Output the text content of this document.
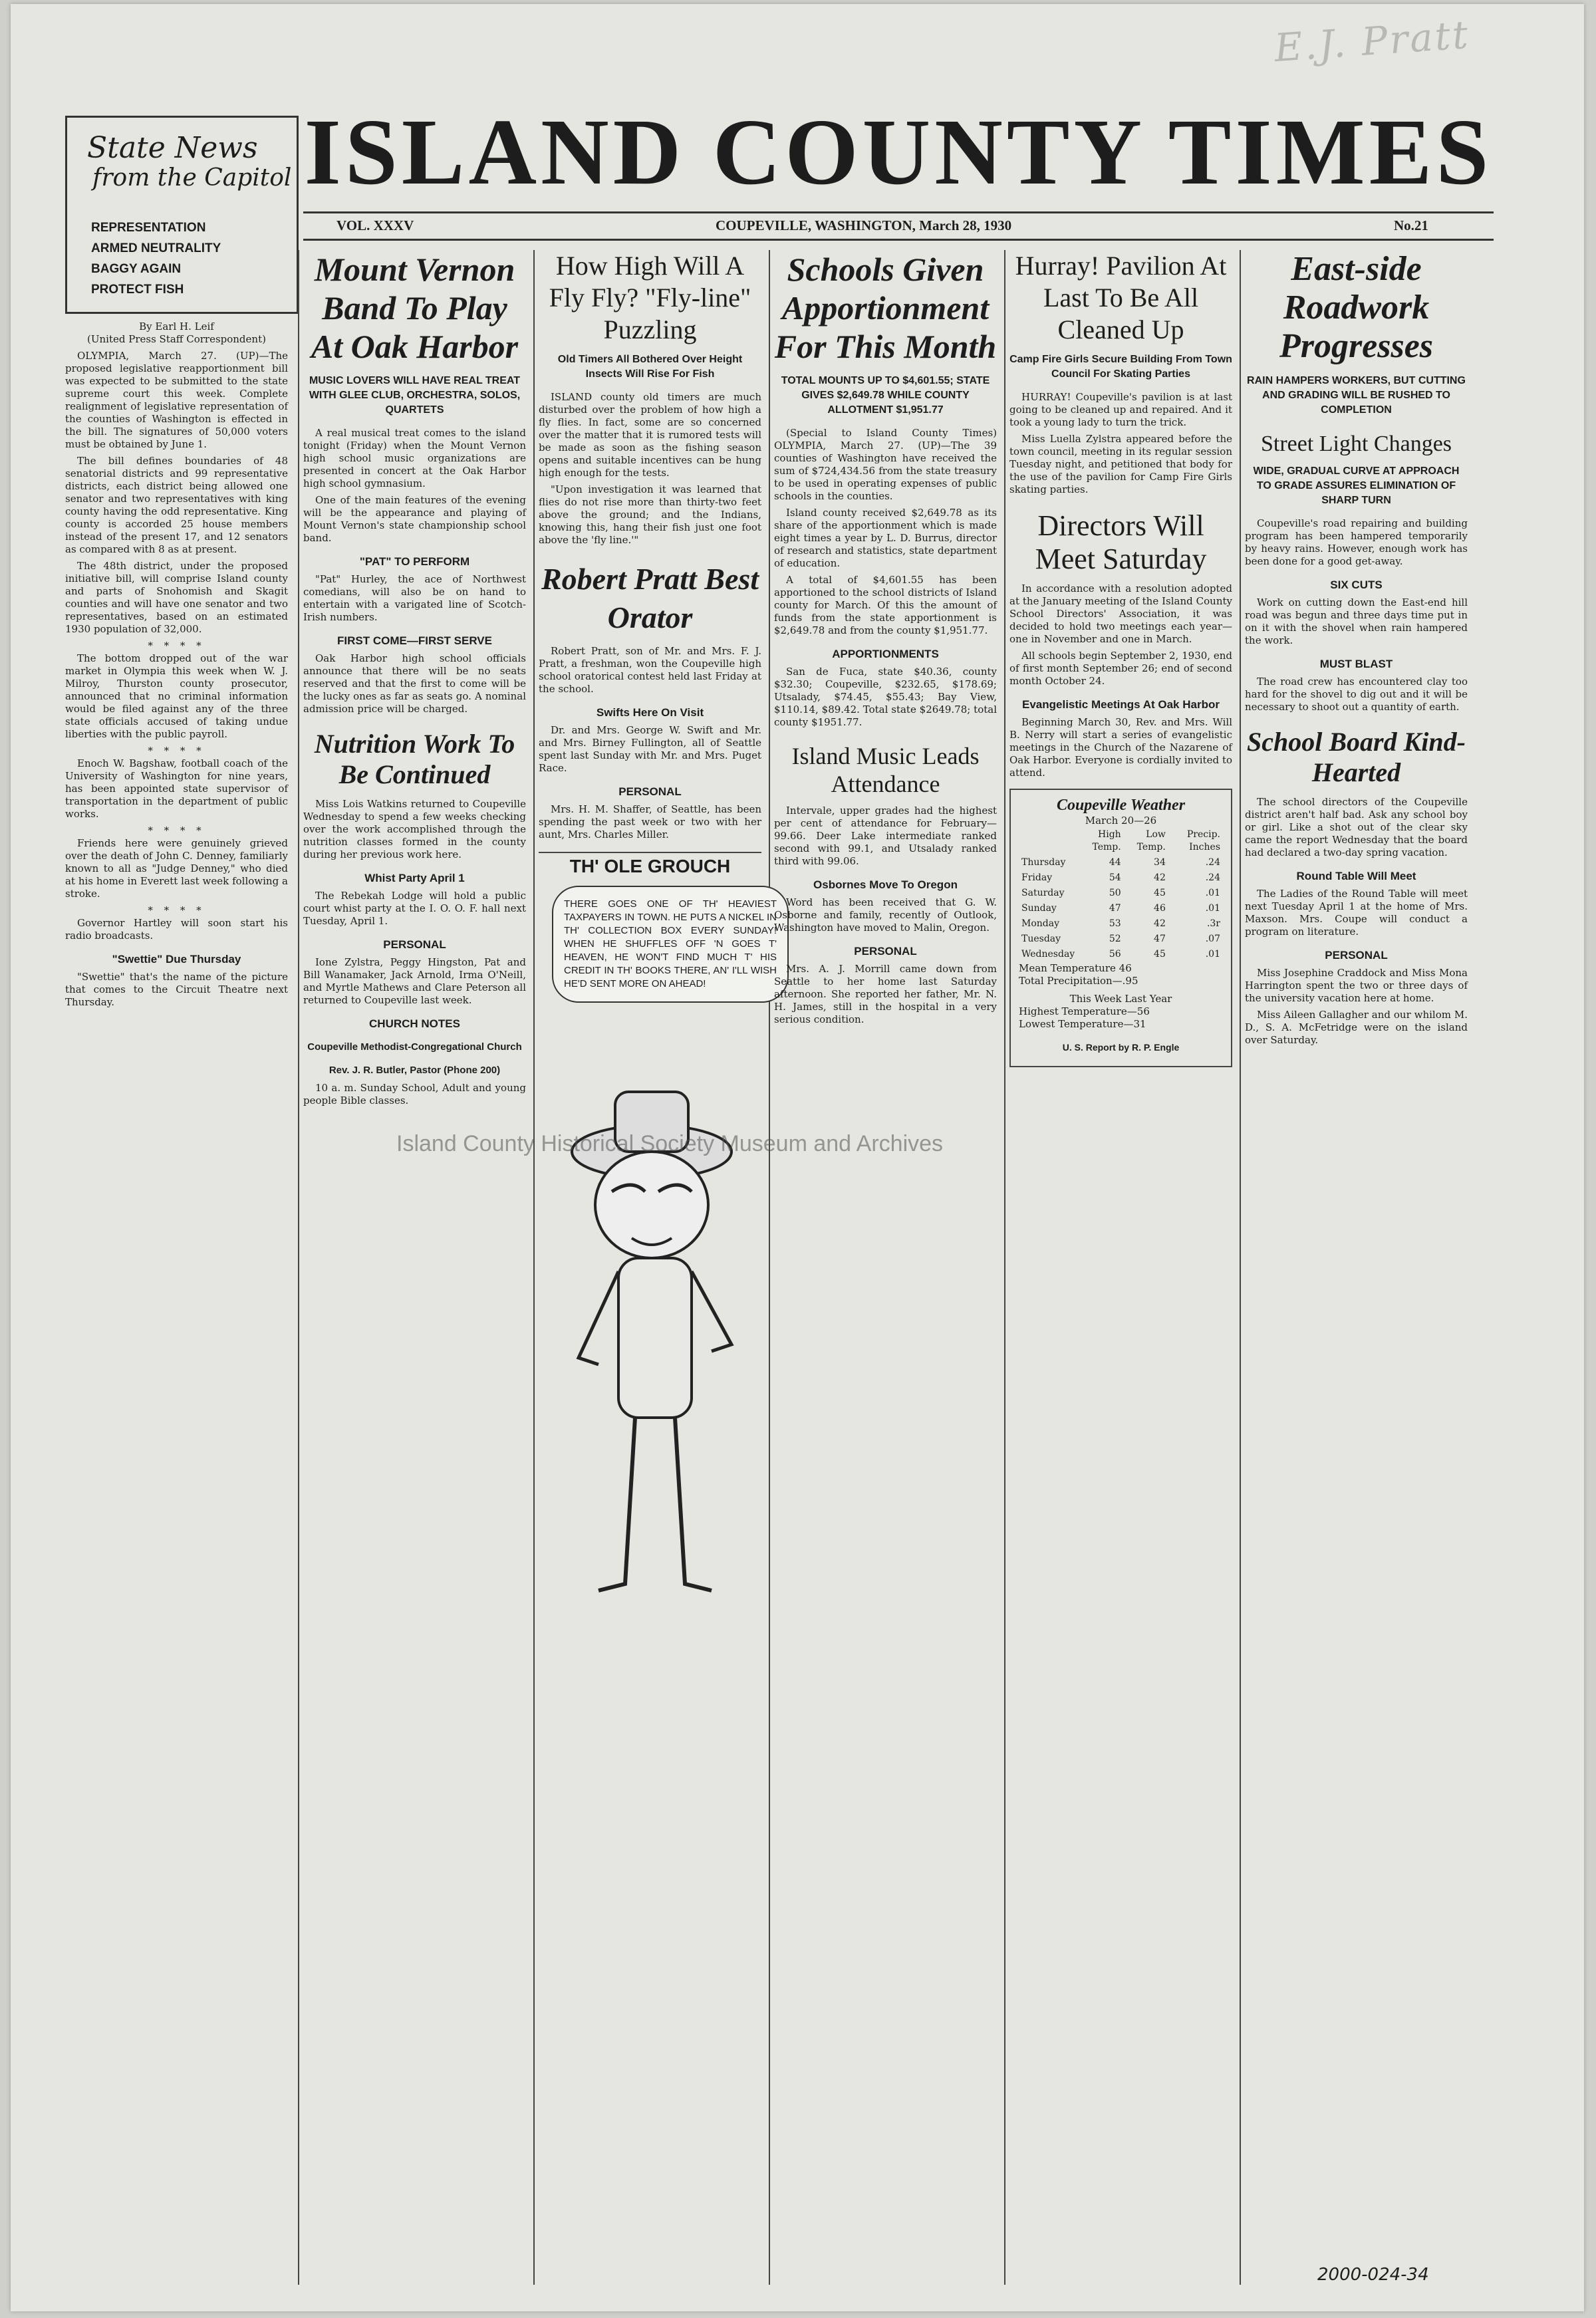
E.J. Pratt
State News
from the Capitol
REPRESENTATION
ARMED NEUTRALITY
BAGGY AGAIN
PROTECT FISH
ISLAND COUNTY TIMES
VOL. XXXV	COUPEVILLE, WASHINGTON, March 28, 1930	No.21
By Earl H. Leif
(United Press Staff Correspondent)

OLYMPIA, March 27. (UP)—The proposed legislative reapportionment bill was expected to be submitted to the state supreme court this week. Complete realignment of legislative representation of the counties of Washington is effected in the bill. The signatures of 50,000 voters must be obtained by June 1.

The bill defines boundaries of 48 senatorial districts and 99 representative districts, each district being allowed one senator and two representatives with king county having the odd representative. King county is accorded 25 house members instead of the present 17, and 12 senators as compared with 8 as at present.

The 48th district, under the proposed initiative bill, will comprise Island county and parts of Snohomish and Skagit counties and will have one senator and two representatives, based on an estimated 1930 population of 32,000.

* * * *

The bottom dropped out of the war market in Olympia this week when W. J. Milroy, Thurston county prosecutor, announced that no criminal information would be filed against any of the three state officials accused of taking undue liberties with the public payroll.

* * * *

Enoch W. Bagshaw, football coach of the University of Washington for nine years, has been appointed state supervisor of transportation in the department of public works.

* * * *

Friends here were genuinely grieved over the death of John C. Denney, familiarly known to all as "Judge Denney," who died at his home in Everett last week following a stroke.

* * * *

Governor Hartley will soon start his radio broadcasts.

"Swettie" Due Thursday

"Swettie" that's the name of the picture that comes to the Circuit Theatre next Thursday.

Mount Vernon Band To Play At Oak Harbor
MUSIC LOVERS WILL HAVE REAL TREAT WITH GLEE CLUB, ORCHESTRA, SOLOS, QUARTETS

A real musical treat comes to the island tonight (Friday) when the Mount Vernon high school music organizations are presented in concert at the Oak Harbor high school gymnasium.

One of the main features of the evening will be the appearance and playing of Mount Vernon's state championship school band.

"PAT" TO PERFORM

"Pat" Hurley, the ace of Northwest comedians, will also be on hand to entertain with a varigated line of Scotch-Irish numbers.

FIRST COME—FIRST SERVE

Oak Harbor high school officials announce that there will be no seats reserved and that the first to come will be the lucky ones as far as seats go. A nominal admission price will be charged.

Nutrition Work To Be Continued

Miss Lois Watkins returned to Coupeville Wednesday to spend a few weeks checking over the work accomplished through the nutrition classes formed in the county during her previous work here.

Whist Party April 1

The Rebekah Lodge will hold a public court whist party at the I. O. O. F. hall next Tuesday, April 1.

PERSONAL

Ione Zylstra, Peggy Hingston, Pat and Bill Wanamaker, Jack Arnold, Irma O'Neill, and Myrtle Mathews and Clare Peterson all returned to Coupeville last week.

CHURCH NOTES
Coupeville Methodist-Congregational Church
Rev. J. R. Butler, Pastor (Phone 200)

10 a. m. Sunday School, Adult and young people Bible classes.

How High Will A Fly Fly? "Fly-line" Puzzling
Old Timers All Bothered Over Height Insects Will Rise For Fish

ISLAND county old timers are much disturbed over the problem of how high a fly flies. In fact, some are so concerned over the matter that it is rumored tests will be made as soon as the fishing season opens and suitable incentives can be hung high enough for the tests.

"Upon investigation it was learned that flies do not rise more than thirty-two feet above the ground; and the Indians, knowing this, hang their fish just one foot above the 'fly line.'"

Robert Pratt Best Orator

Robert Pratt, son of Mr. and Mrs. F. J. Pratt, a freshman, won the Coupeville high school oratorical contest held last Friday at the school.

Swifts Here On Visit

Dr. and Mrs. George W. Swift and Mr. and Mrs. Birney Fullington, all of Seattle spent last Sunday with Mr. and Mrs. Puget Race.

PERSONAL

Mrs. H. M. Shaffer, of Seattle, has been spending the past week or two with her aunt, Mrs. Charles Miller.

TH' OLE GROUCH
THERE GOES ONE OF TH' HEAVIEST TAXPAYERS IN TOWN. HE PUTS A NICKEL IN TH' COLLECTION BOX EVERY SUNDAY! WHEN HE SHUFFLES OFF 'N GOES T' HEAVEN, HE WON'T FIND MUCH T' HIS CREDIT IN TH' BOOKS THERE, AN' I'LL WISH HE'D SENT MORE ON AHEAD!
Schools Given Apportionment For This Month
TOTAL MOUNTS UP TO $4,601.55; STATE GIVES $2,649.78 WHILE COUNTY ALLOTMENT $1,951.77

(Special to Island County Times) OLYMPIA, March 27. (UP)—The 39 counties of Washington have received the sum of $724,434.56 from the state treasury to be used in operating expenses of public schools in the counties.

Island county received $2,649.78 as its share of the apportionment which is made eight times a year by L. D. Burrus, director of research and statistics, state department of education.

A total of $4,601.55 has been apportioned to the school districts of Island county for March. Of this the amount of funds from the state apportionment is $2,649.78 and from the county $1,951.77.

APPORTIONMENTS

San de Fuca, state $40.36, county $32.30; Coupeville, $232.65, $178.69; Utsalady, $74.45, $55.43; Bay View, $110.14, $89.42. Total state $2649.78; total county $1951.77.

Island Music Leads Attendance

Intervale, upper grades had the highest per cent of attendance for February—99.66. Deer Lake intermediate ranked second with 99.1, and Utsalady ranked third with 99.06.

Osbornes Move To Oregon

Word has been received that G. W. Osborne and family, recently of Outlook, Washington have moved to Malin, Oregon.

PERSONAL

Mrs. A. J. Morrill came down from Seattle to her home last Saturday afternoon. She reported her father, Mr. N. H. James, still in the hospital in a very serious condition.

Hurray! Pavilion At Last To Be All Cleaned Up
Camp Fire Girls Secure Building From Town Council For Skating Parties

HURRAY! Coupeville's pavilion is at last going to be cleaned up and repaired. And it took a young lady to turn the trick.

Miss Luella Zylstra appeared before the town council, meeting in its regular session Tuesday night, and petitioned that body for the use of the pavilion for Camp Fire Girls skating parties.

Directors Will Meet Saturday

In accordance with a resolution adopted at the January meeting of the Island County School Directors' Association, it was decided to hold two meetings each year—one in November and one in March.

All schools begin September 2, 1930, end of first month September 26; end of second month October 24.

Evangelistic Meetings At Oak Harbor

Beginning March 30, Rev. and Mrs. Will B. Nerry will start a series of evangelistic meetings in the Church of the Nazarene of Oak Harbor. Everyone is cordially invited to attend.

Coupeville Weather
March 20—26
	High Temp.	Low Temp.	Precip. Inches
Thursday	44	34	.24
Friday	54	42	.24
Saturday	50	45	.01
Sunday	47	46	.01
Monday	53	42	.3r
Tuesday	52	47	.07
Wednesday	56	45	.01
Mean Temperature 46
Total Precipitation—.95
This Week Last Year
Highest Temperature—56
Lowest Temperature—31
U. S. Report by R. P. Engle
East-side Roadwork Progresses
RAIN HAMPERS WORKERS, BUT CUTTING AND GRADING WILL BE RUSHED TO COMPLETION
Street Light Changes
WIDE, GRADUAL CURVE AT APPROACH TO GRADE ASSURES ELIMINATION OF SHARP TURN

Coupeville's road repairing and building program has been hampered temporarily by heavy rains. However, enough work has been done for a good get-away.

SIX CUTS

Work on cutting down the East-end hill road was begun and three days time put in on it with the shovel when rain hampered the work.

MUST BLAST

The road crew has encountered clay too hard for the shovel to dig out and it will be necessary to shoot out a quantity of earth.

School Board Kind-Hearted

The school directors of the Coupeville district aren't half bad. Ask any school boy or girl. Like a shot out of the clear sky came the report Wednesday that the board had declared a two-day spring vacation.

Round Table Will Meet

The Ladies of the Round Table will meet next Tuesday April 1 at the home of Mrs. Maxson. Mrs. Coupe will conduct a program on literature.

PERSONAL

Miss Josephine Craddock and Miss Mona Harrington spent the two or three days of the university vacation here at home.

Miss Aileen Gallagher and our whilom M. D., S. A. McFetridge were on the island over Saturday.

Island County Historical Society Museum and Archives
2000-024-34
